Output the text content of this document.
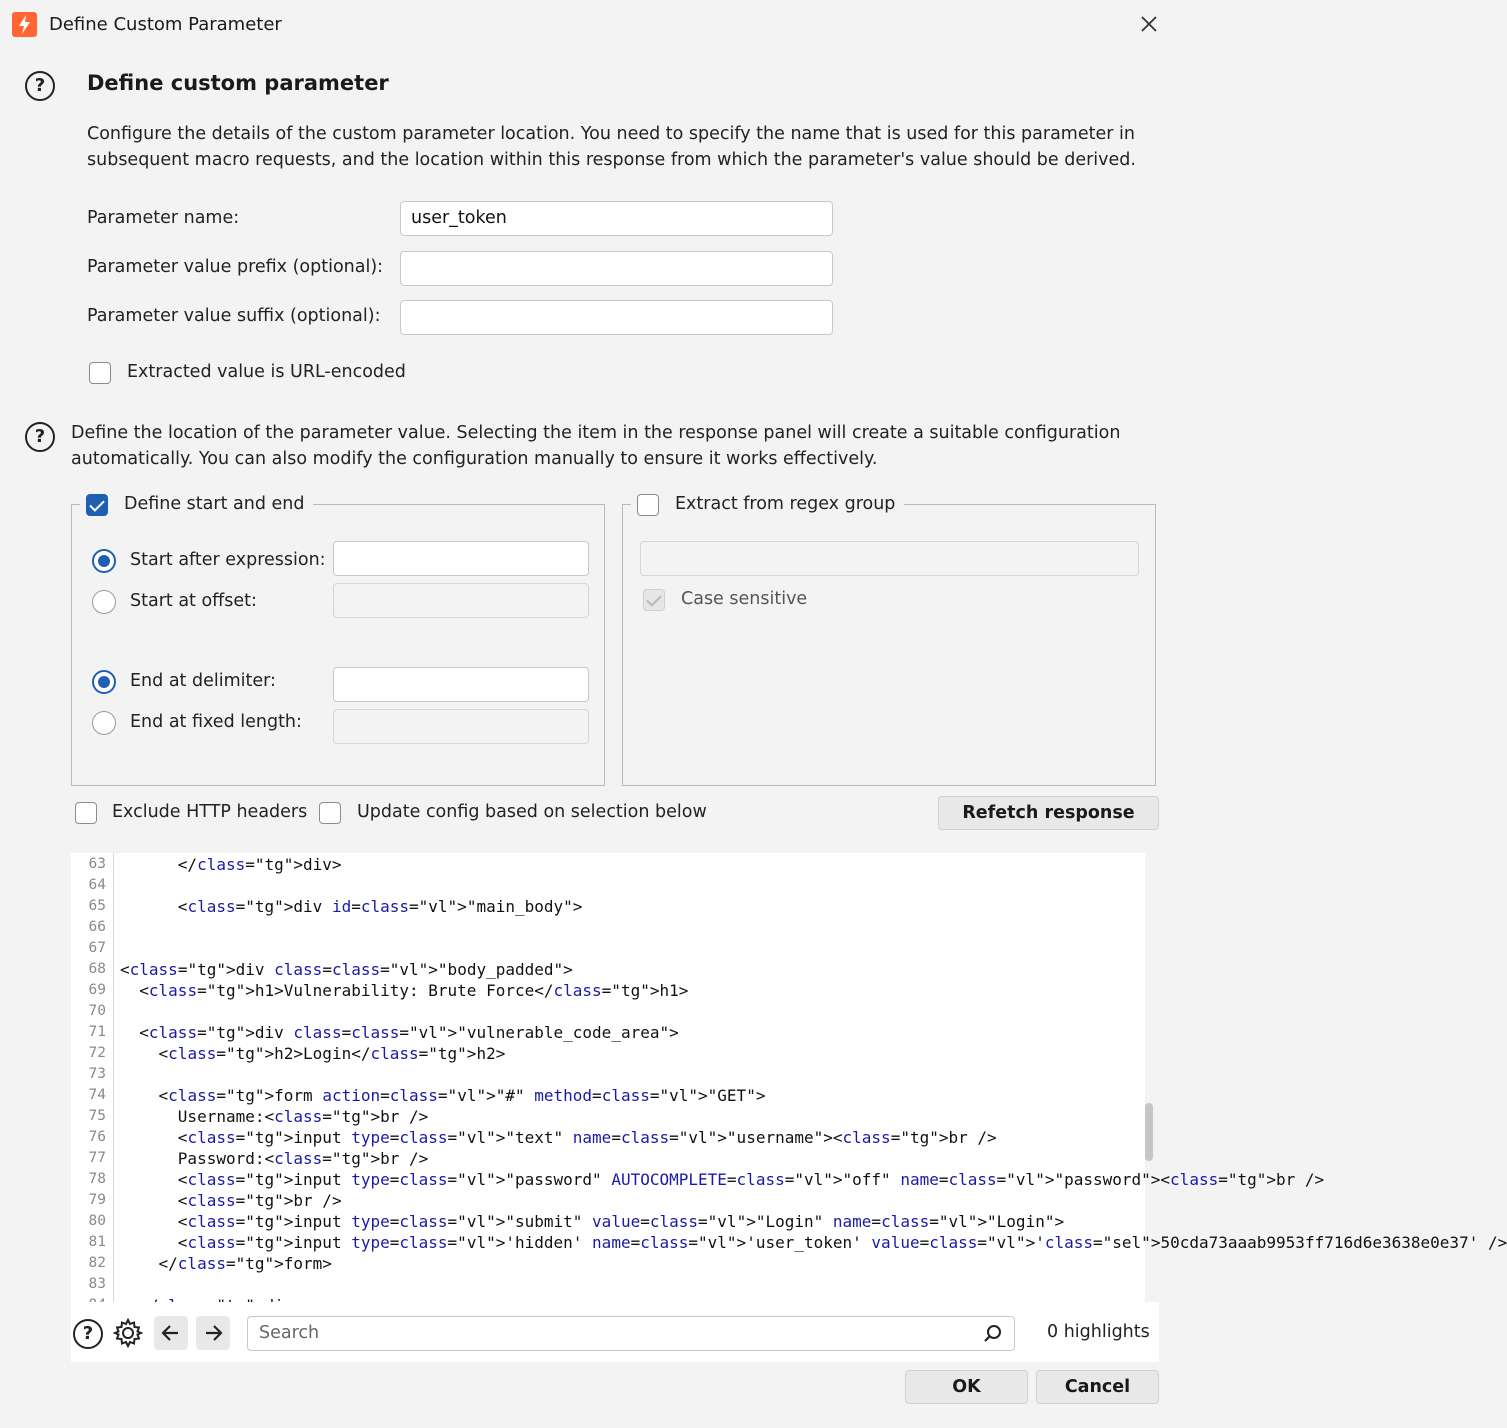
Define Custom Parameter
?	Define custom parameter
Configure the details of the custom parameter location. You need to specify the name that is used for this parameter in subsequent macro requests, and the location within this response from which the parameter's value should be derived.
Parameter name:	user_token
Parameter value prefix (optional):
Parameter value suffix (optional):
Extracted value is URL-encoded
?	Define the location of the parameter value. Selecting the item in the response panel will create a suitable configuration automatically. You can also modify the configuration manually to ensure it works effectively.
Define start and end
Start after expression:
Start at offset:
End at delimiter:
End at fixed length:
Extract from regex group
Case sensitive
Exclude HTTP headers	Update config based on selection below	Refetch response
63 </class="tg">div>
64
65 <class="tg">div id=class="vl">"main_body">
66
67
68 <class="tg">div class=class="vl">"body_padded">
69 <class="tg">h1>Vulnerability: Brute Force</class="tg">h1>
70
71 <class="tg">div class=class="vl">"vulnerable_code_area">
72 <class="tg">h2>Login</class="tg">h2>
73
74 <class="tg">form action=class="vl">"#" method=class="vl">"GET">
75 Username:<class="tg">br />
76 <class="tg">input type=class="vl">"text" name=class="vl">"username"><class="tg">br />
77 Password:<class="tg">br />
78 <class="tg">input type=class="vl">"password" AUTOCOMPLETE=class="vl">"off" name=class="vl">"password"><class="tg">br />
79 <class="tg">br />
80 <class="tg">input type=class="vl">"submit" value=class="vl">"Login" name=class="vl">"Login">
81 <class="tg">input type=class="vl">'hidden' name=class="vl">'user_token' value=class="vl">'class="sel">50cda73aaab9953ff716d6e3638e0e37' />
82 </class="tg">form>
83
?	Search	0 highlights
OK	Cancel
